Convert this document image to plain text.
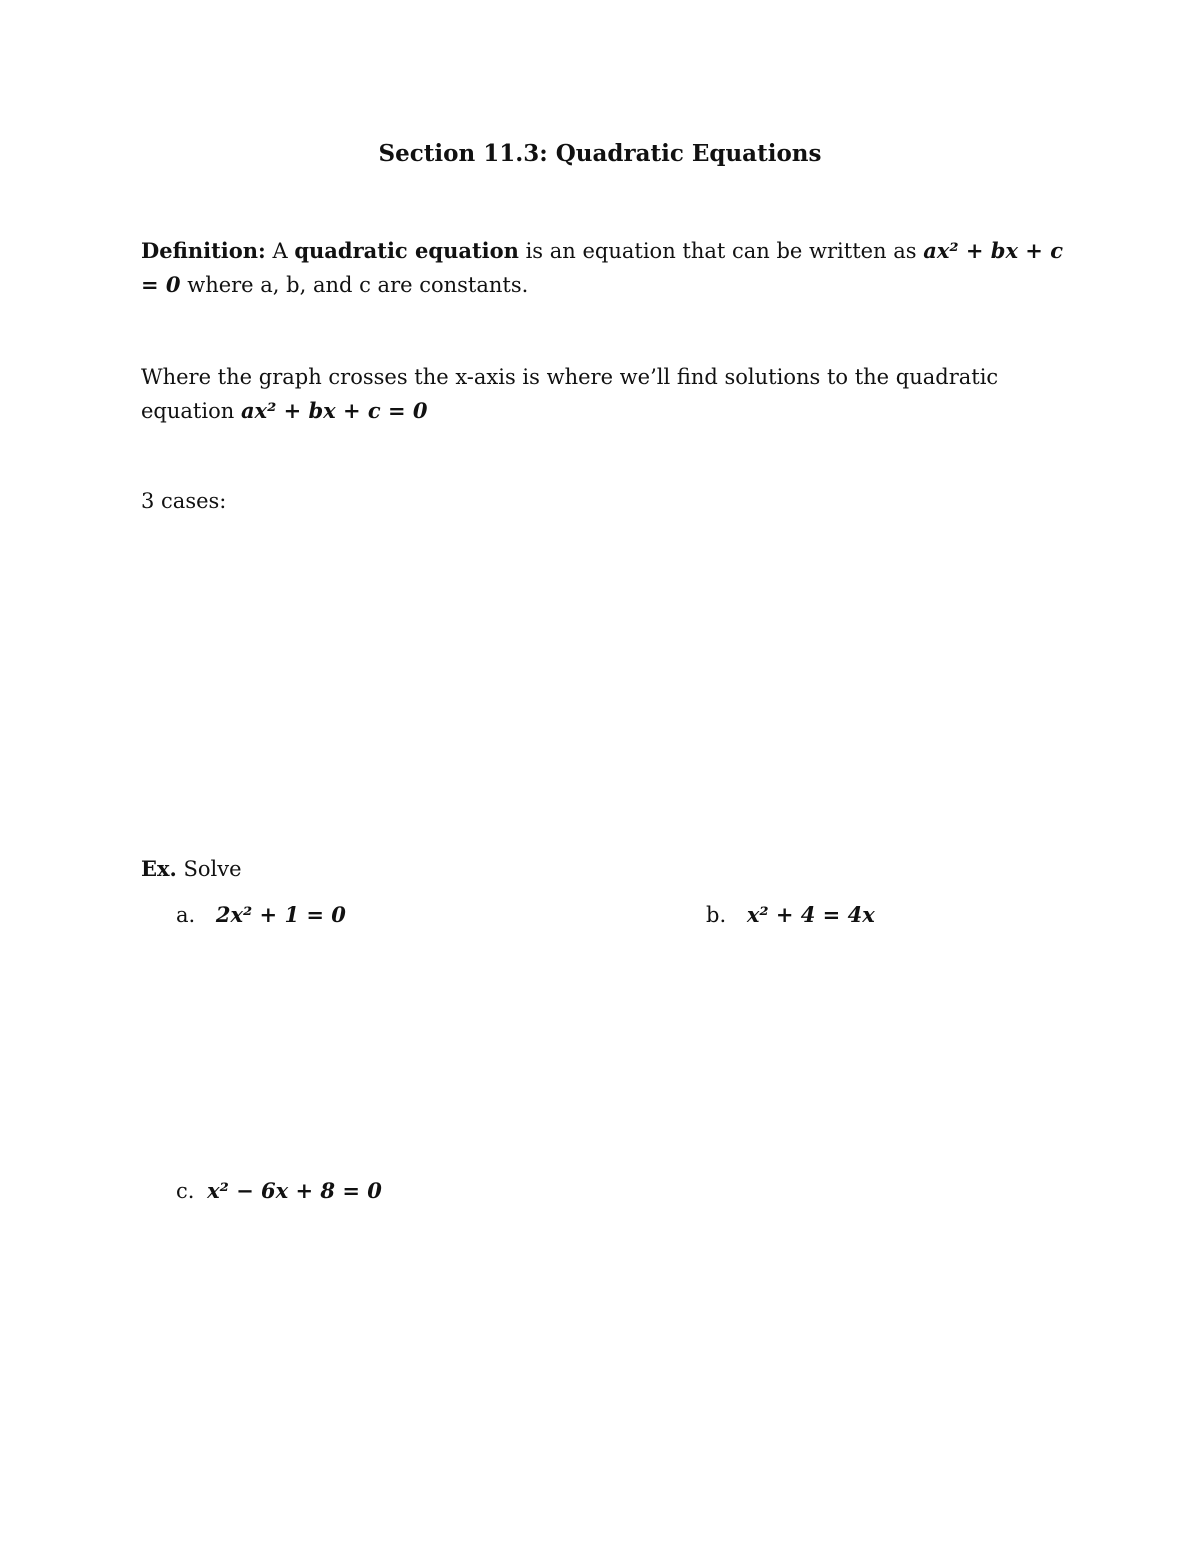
Section 11.3: Quadratic Equations
Definition: A quadratic equation is an equation that can be written as ax² + bx + c = 0 where a, b, and c are constants.
Where the graph crosses the x-axis is where we’ll find solutions to the quadratic equation ax² + bx + c = 0
3 cases:
Ex. Solve
a. 2x² + 1 = 0	b. x² + 4 = 4x
c. x² − 6x + 8 = 0
